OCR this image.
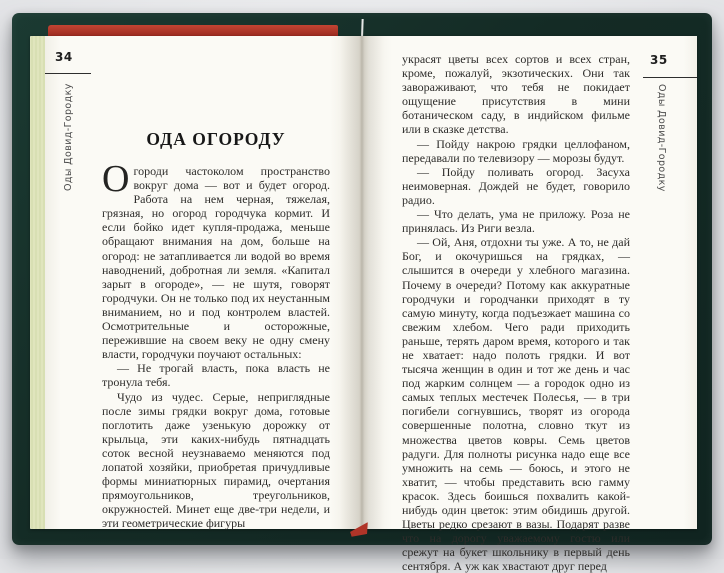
34
Оды Довид-Городку	ОДА ОГОРОДУ

Огороди частоколом пространство вокруг дома — вот и будет огород. Работа на нем черная, тяжелая, грязная, но огород городчука кормит. И если бойко идет купля-продажа, меньше обращают внимания на дом, больше на огород: не затапливается ли водой во время наводнений, добротная ли земля. «Капитал зарыт в огороде», — не шутя, говорят городчуки. Он не только под их неустанным вниманием, но и под контролем властей. Осмотрительные и осторожные, пережившие на своем веку не одну смену власти, городчуки поучают остальных:

— Не трогай власть, пока власть не тронула тебя.

Чудо из чудес. Серые, неприглядные после зимы грядки вокруг дома, готовые поглотить даже узенькую дорожку от крыльца, эти каких-нибудь пятнадцать соток весной неузнаваемо меняются под лопатой хозяйки, приобретая причудливые формы миниатюрных пирамид, очертания прямоугольников, треугольников, окружностей. Минет еще две-три недели, и эти геометрические фигуры

35
Оды Довид-Городку

украсят цветы всех сортов и всех стран, кроме, пожалуй, экзотических. Они так завораживают, что тебя не покидает ощущение присутствия в мини ботаническом саду, в индийском фильме или в сказке детства.

— Пойду накрою грядки целлофаном, передавали по телевизору — морозы будут.

— Пойду поливать огород. Засуха неимоверная. Дождей не будет, говорило радио.

— Что делать, ума не приложу. Роза не принялась. Из Риги везла.

— Ой, Аня, отдохни ты уже. А то, не дай Бог, и окочуришься на грядках, — слышится в очереди у хлебного магазина. Почему в очереди? Потому как аккуратные городчуки и городчанки приходят в ту самую минуту, когда подъезжает машина со свежим хлебом. Чего ради приходить раньше, терять даром время, которого и так не хватает: надо полоть грядки. И вот тысяча женщин в один и тот же день и час под жарким солнцем — а городок одно из самых теплых местечек Полесья, — в три погибели согнувшись, творят из огорода совершенные полотна, словно ткут из множества цветов ковры. Семь цветов радуги. Для полноты рисунка надо еще все умножить на семь — боюсь, и этого не хватит, — чтобы представить всю гамму красок. Здесь боишься похвалить какой-нибудь один цветок: этим обидишь другой. Цветы редко срезают в вазы. Подарят разве что на дорогу уважаемому гостю или срежут на букет школьнику в первый день сентября. А уж как хвастают друг перед
